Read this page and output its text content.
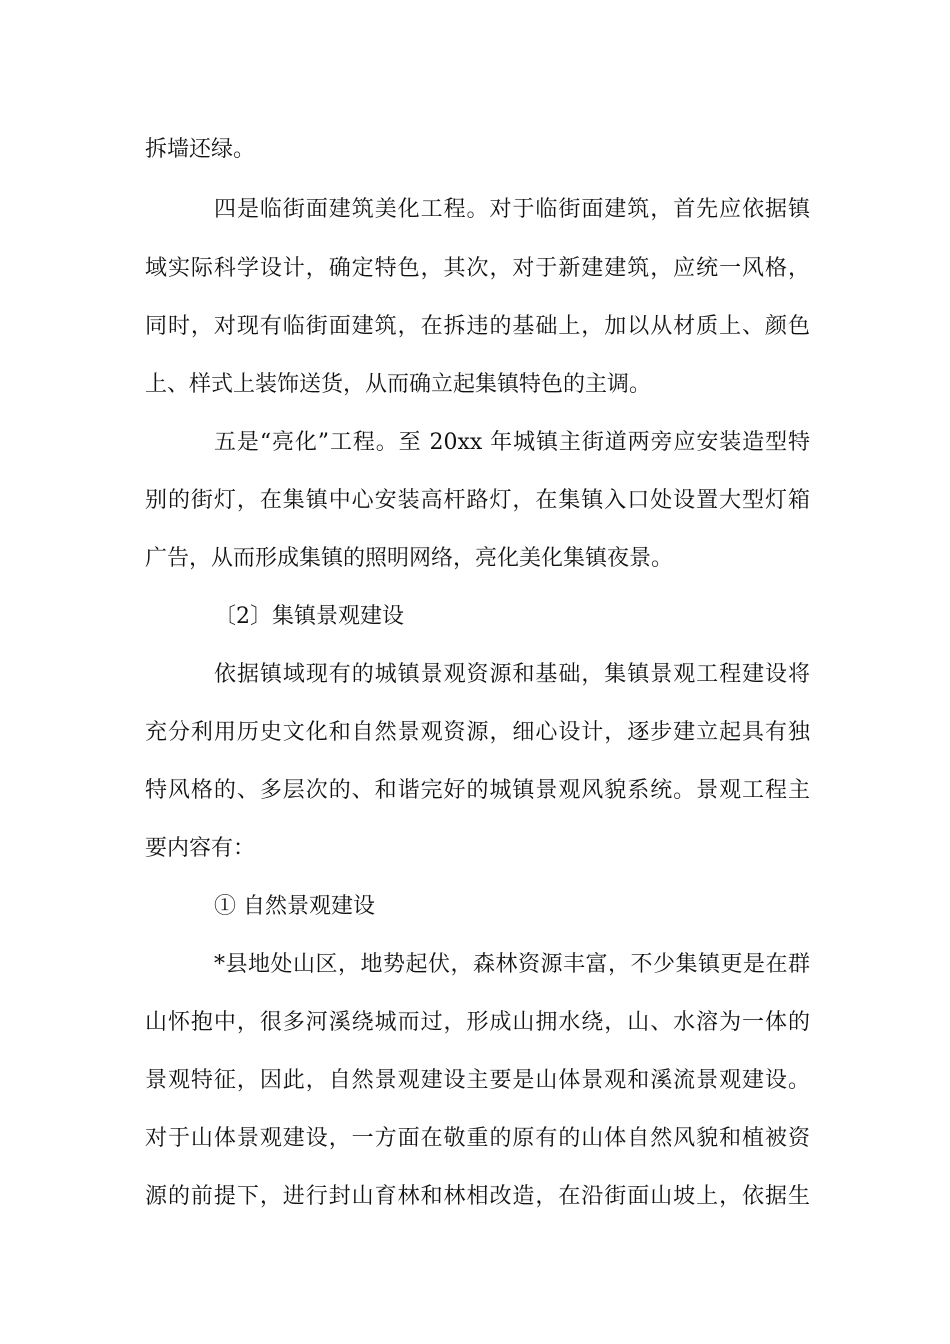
拆墙还绿。
四是临街面建筑美化工程。对于临街面建筑，首先应依据镇
域实际科学设计，确定特色，其次，对于新建建筑，应统一风格，
同时，对现有临街面建筑，在拆违的基础上，加以从材质上、颜色
上、样式上装饰送货，从而确立起集镇特色的主调。
五是“亮化”工程。至 20xx 年城镇主街道两旁应安装造型特
别的街灯，在集镇中心安装高杆路灯，在集镇入口处设置大型灯箱
广告，从而形成集镇的照明网络，亮化美化集镇夜景。
〔2〕集镇景观建设
依据镇域现有的城镇景观资源和基础，集镇景观工程建设将
充分利用历史文化和自然景观资源，细心设计，逐步建立起具有独
特风格的、多层次的、和谐完好的城镇景观风貌系统。景观工程主
要内容有：
① 自然景观建设
*县地处山区，地势起伏，森林资源丰富，不少集镇更是在群
山怀抱中，很多河溪绕城而过，形成山拥水绕，山、水溶为一体的
景观特征，因此，自然景观建设主要是山体景观和溪流景观建设。
对于山体景观建设，一方面在敬重的原有的山体自然风貌和植被资
源的前提下，进行封山育林和林相改造，在沿街面山坡上，依据生
